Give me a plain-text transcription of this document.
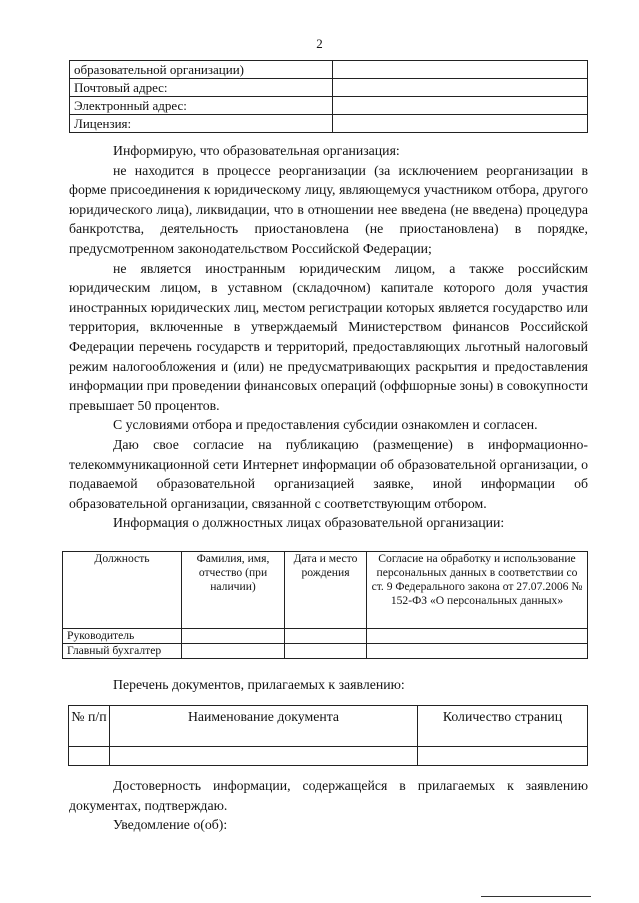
2
образовательной организации)	
Почтовый адрес:	
Электронный адрес:	
Лицензия:	

Информирую, что образовательная организация:

не находится в процессе реорганизации (за исключением реорганизации в форме присоединения к юридическому лицу, являющемуся участником отбора, другого юридического лица), ликвидации, что в отношении нее введена (не введена) процедура банкротства, деятельность приостановлена (не приостановлена) в порядке, предусмотренном законодательством Российской Федерации;

не является иностранным юридическим лицом, а также российским юридическим лицом, в уставном (складочном) капитале которого доля участия иностранных юридических лиц, местом регистрации которых является государство или территория, включенные в утверждаемый Министерством финансов Российской Федерации перечень государств и территорий, предоставляющих льготный налоговый режим налогообложения и (или) не предусматривающих раскрытия и предоставления информации при проведении финансовых операций (оффшорные зоны) в совокупности превышает 50 процентов.

С условиями отбора и предоставления субсидии ознакомлен и согласен.

Даю свое согласие на публикацию (размещение) в информационно-телекоммуникационной сети Интернет информации об образовательной организации, о подаваемой образовательной организацией заявке, иной информации об образовательной организации, связанной с соответствующим отбором.

Информация о должностных лицах образовательной организации:

Должность	Фамилия, имя, отчество (при наличии)	Дата и место рождения	Согласие на обработку и использование персональных данных в соответствии со ст. 9 Федерального закона от 27.07.2006 № 152-ФЗ «О персональных данных»
Руководитель			
Главный бухгалтер			
Перечень документов, прилагаемых к заявлению:
№ п/п	Наименование документа	Количество страниц

Достоверность информации, содержащейся в прилагаемых к заявлению документах, подтверждаю.

Уведомление о(об):
